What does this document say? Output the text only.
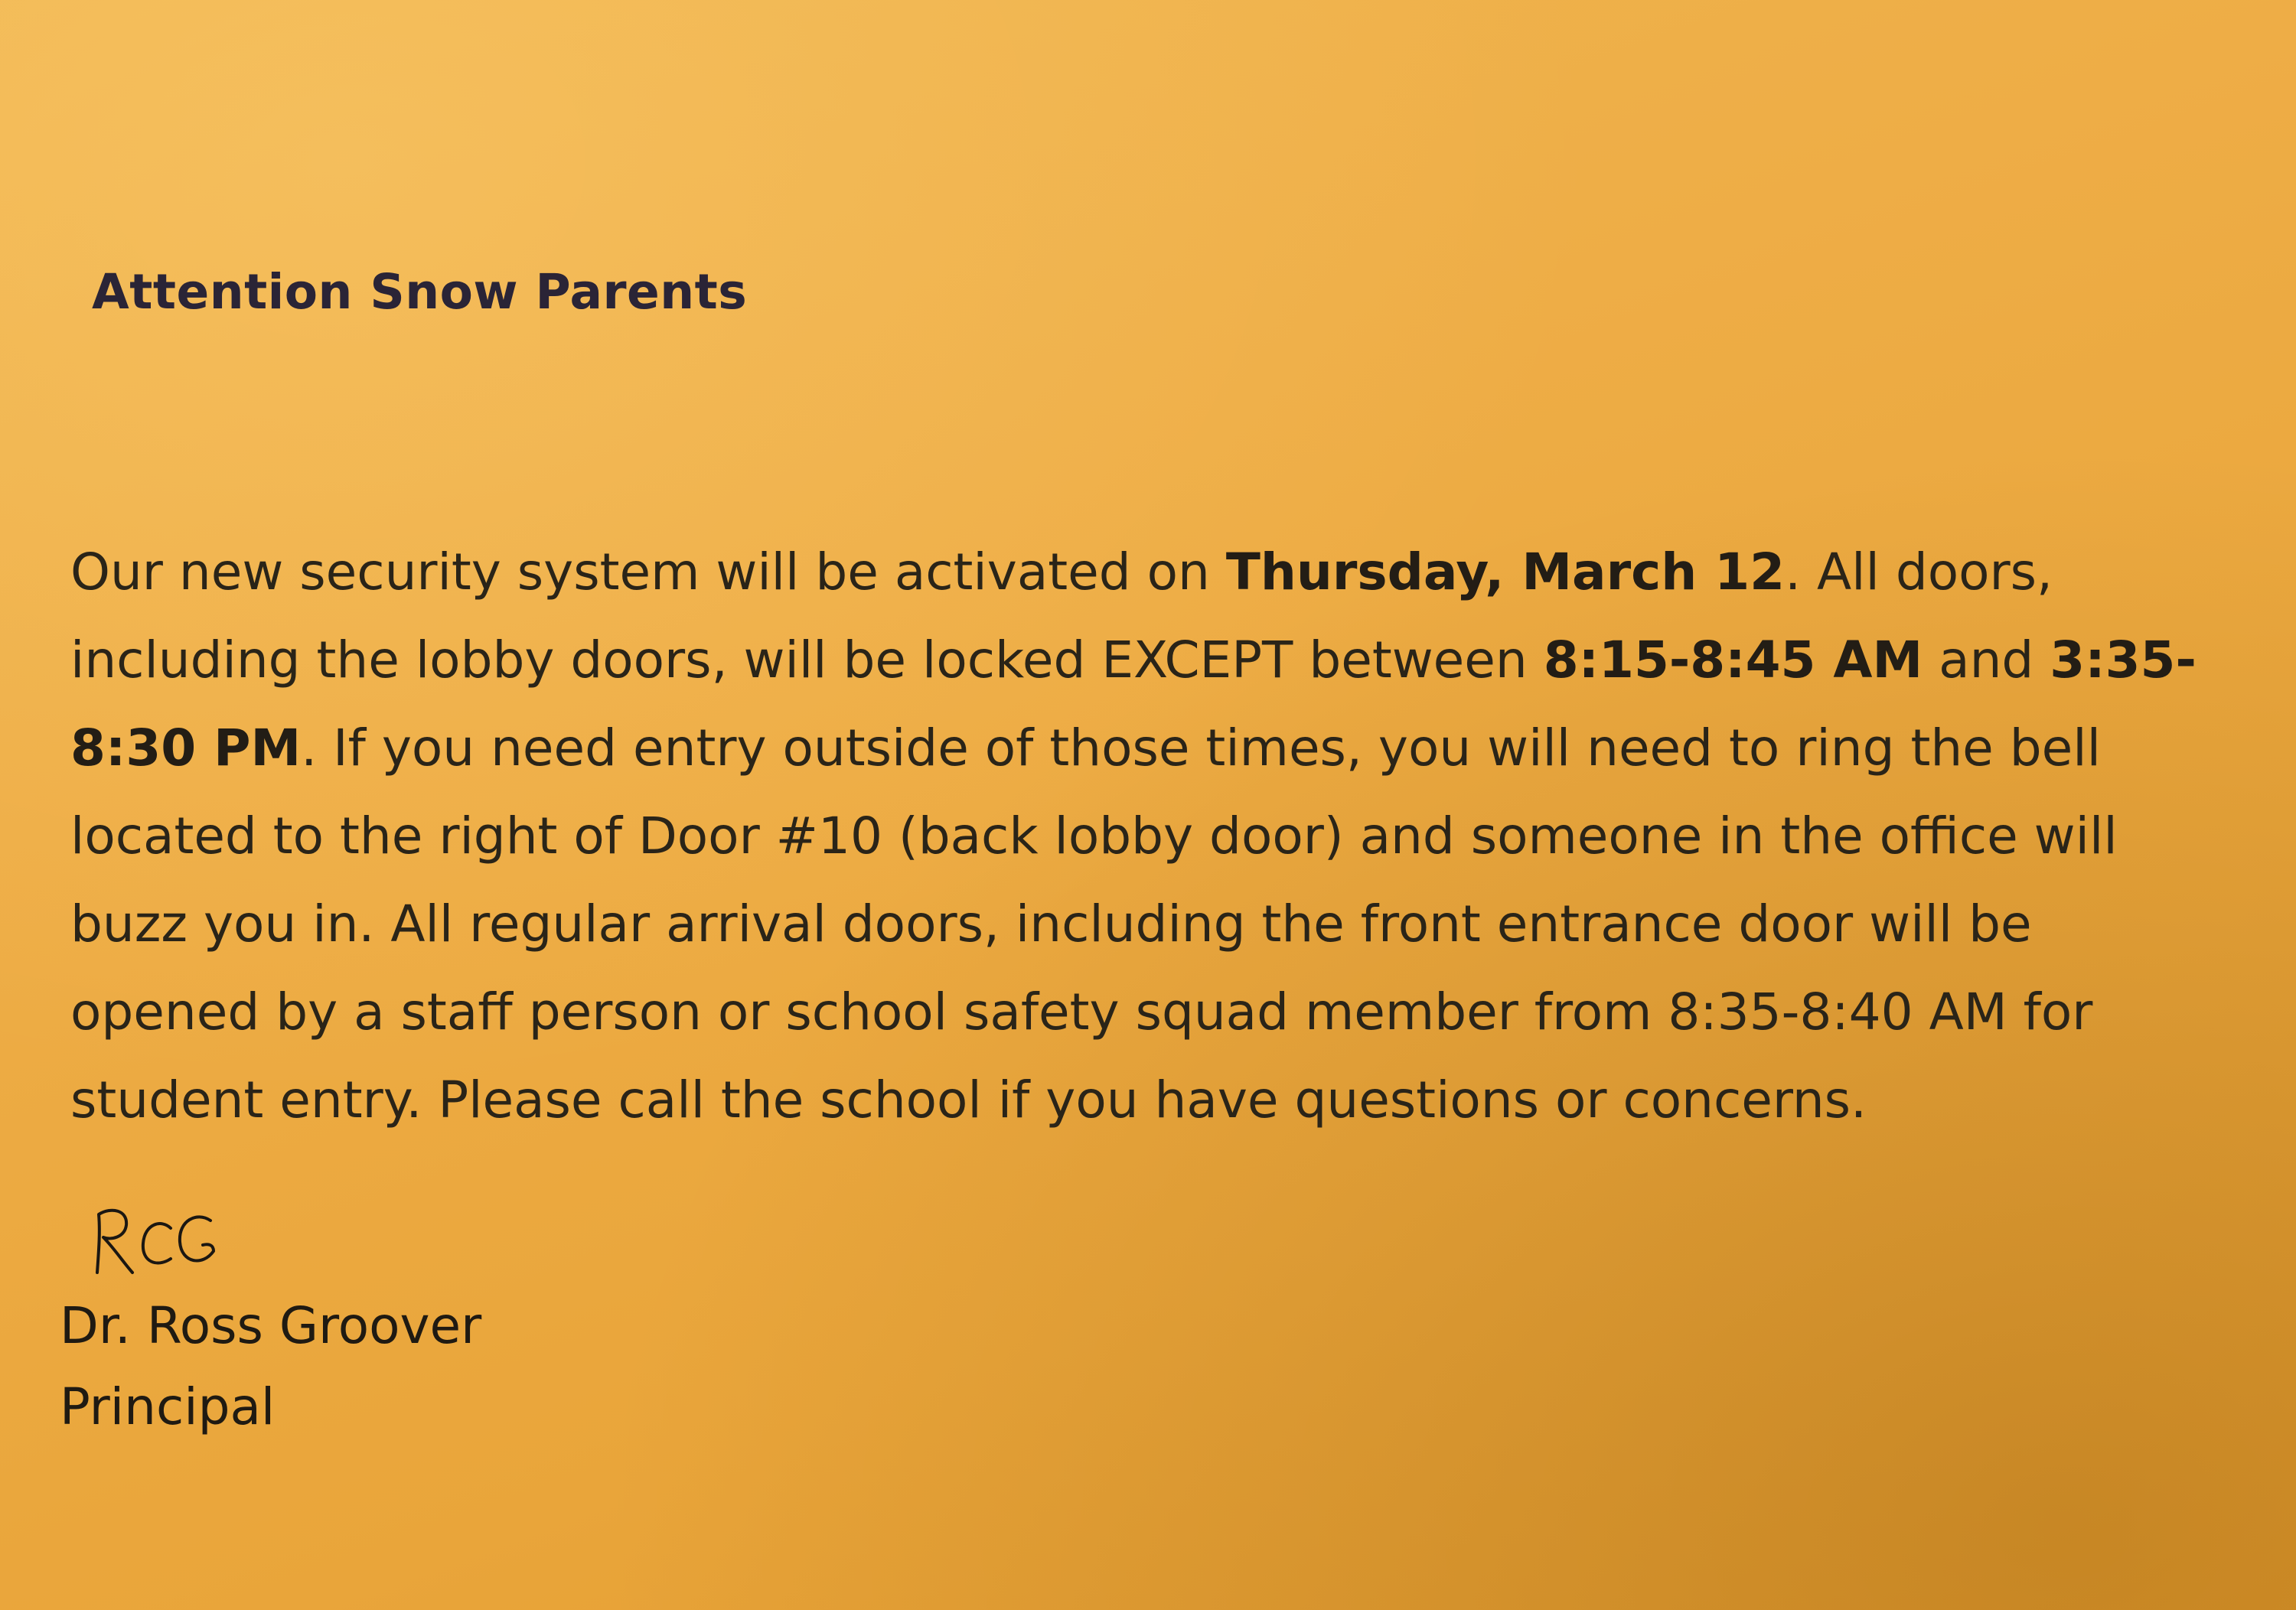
Attention Snow Parents
Our new security system will be activated on Thursday, March 12. All doors,
including the lobby doors, will be locked EXCEPT between 8:15-8:45 AM and 3:35-
8:30 PM. If you need entry outside of those times, you will need to ring the bell
located to the right of Door #10 (back lobby door) and someone in the office will
buzz you in. All regular arrival doors, including the front entrance door will be
opened by a staff person or school safety squad member from 8:35-8:40 AM for
student entry. Please call the school if you have questions or concerns.
Dr. Ross Groover
Principal
